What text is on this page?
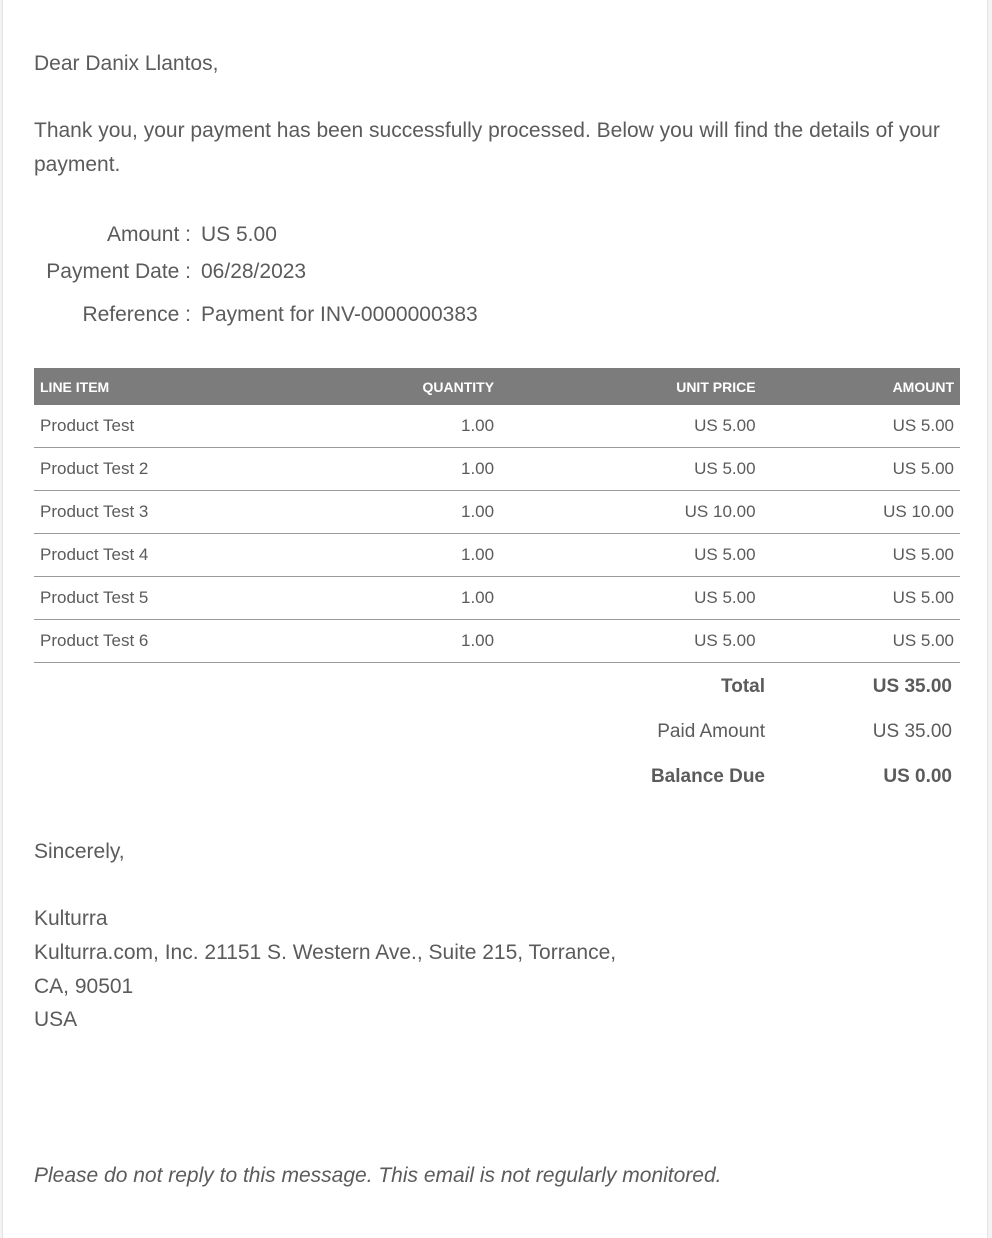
Dear Danix Llantos,

Thank you, your payment has been successfully processed. Below you will find the details of your payment.

Amount : US 5.00
Payment Date : 06/28/2023
Reference : Payment for INV-0000000383
LINE ITEM	QUANTITY	UNIT PRICE	AMOUNT
Product Test	1.00	US 5.00	US 5.00
Product Test 2	1.00	US 5.00	US 5.00
Product Test 3	1.00	US 10.00	US 10.00
Product Test 4	1.00	US 5.00	US 5.00
Product Test 5	1.00	US 5.00	US 5.00
Product Test 6	1.00	US 5.00	US 5.00
Total	US 35.00
Paid Amount	US 35.00
Balance Due	US 0.00

Sincerely,

Kulturra

Kulturra.com, Inc. 21151 S. Western Ave., Suite 215, Torrance,

CA, 90501

USA

Please do not reply to this message. This email is not regularly monitored.
